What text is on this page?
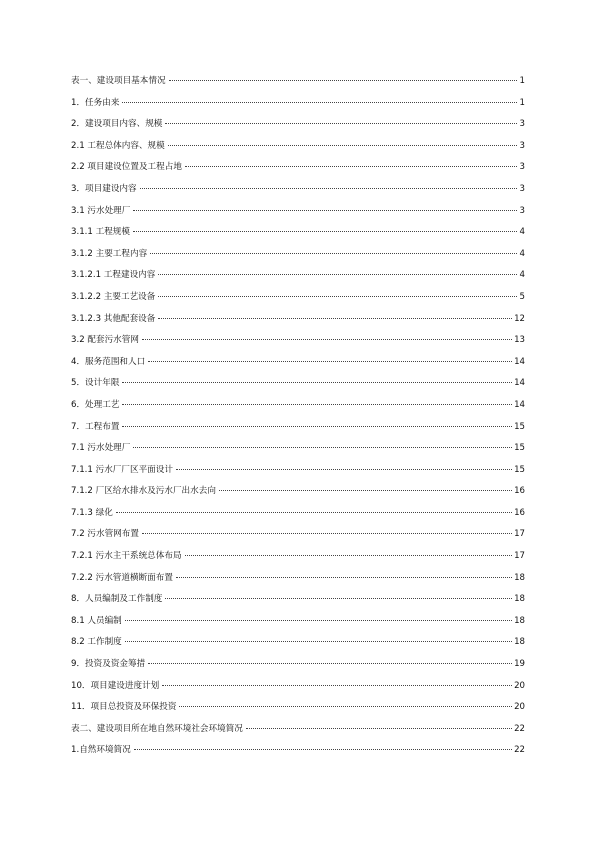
表一、建设项目基本情况	1
1．任务由来	1
2．建设项目内容、规模	3
2.1 工程总体内容、规模	3
2.2 项目建设位置及工程占地	3
3．项目建设内容	3
3.1 污水处理厂	3
3.1.1 工程规模	4
3.1.2 主要工程内容	4
3.1.2.1 工程建设内容	4
3.1.2.2 主要工艺设备	5
3.1.2.3 其他配套设备	12
3.2 配套污水管网	13
4．服务范围和人口	14
5．设计年限	14
6．处理工艺	14
7．工程布置	15
7.1 污水处理厂	15
7.1.1 污水厂厂区平面设计	15
7.1.2 厂区给水排水及污水厂出水去向	16
7.1.3 绿化	16
7.2 污水管网布置	17
7.2.1 污水主干系统总体布局	17
7.2.2 污水管道横断面布置	18
8．人员编制及工作制度	18
8.1 人员编制	18
8.2 工作制度	18
9．投资及资金筹措	19
10．项目建设进度计划	20
11．项目总投资及环保投资	20
表二、建设项目所在地自然环境社会环境简况	22
1.自然环境简况	22
